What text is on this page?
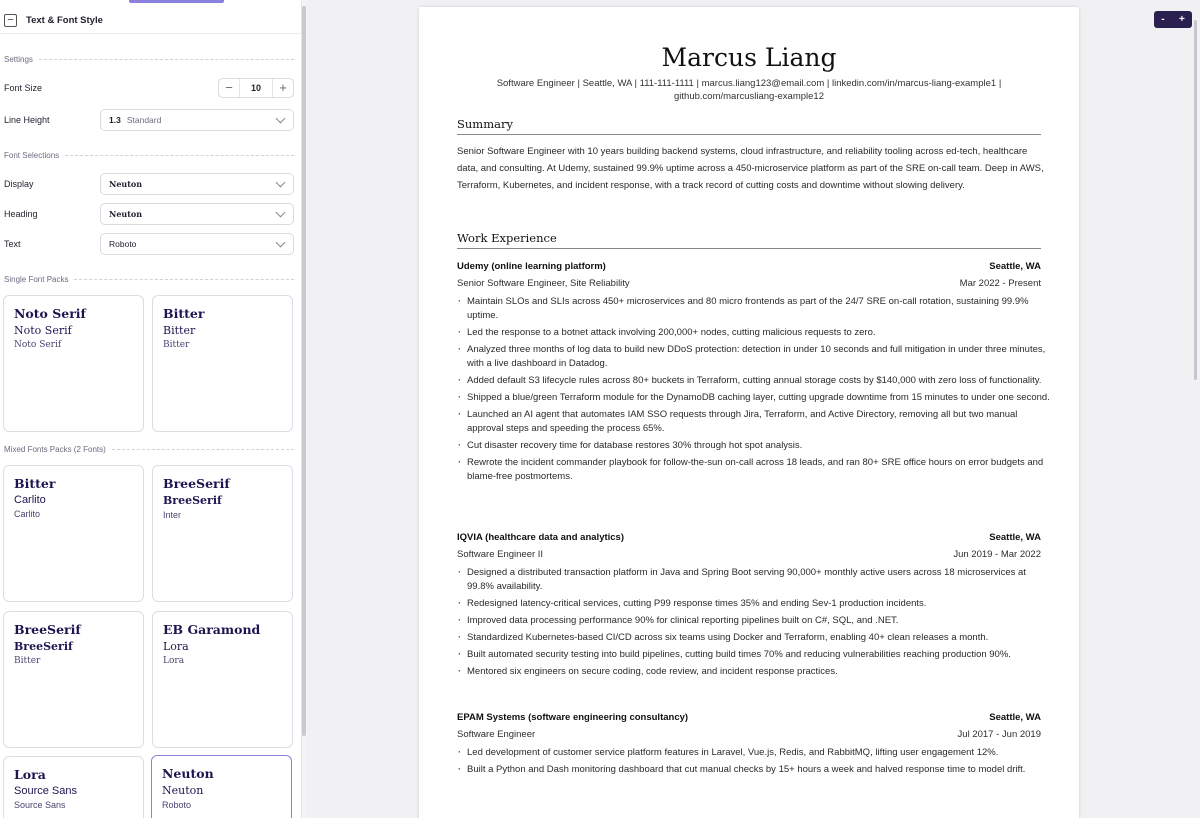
−	Text & Font Style
Settings
Font Size	−	10	+
Line Height	1.3 Standard
Font Selections
Display	Neuton
Heading	Neuton
Text	Roboto
Single Font Packs
Noto Serif
Noto Serif
Noto Serif
Bitter
Bitter
Bitter
Mixed Fonts Packs (2 Fonts)
Bitter
Carlito
Carlito
BreeSerif
BreeSerif
Inter
BreeSerif
BreeSerif
Bitter
EB Garamond
Lora
Lora
Lora
Source Sans
Source Sans
Neuton
Neuton
Roboto
- +
Marcus Liang
Software Engineer | Seattle, WA | 111-111-1111 | marcus.liang123@email.com | linkedin.com/in/marcus-liang-example1 |
github.com/marcusliang-example12
Summary
Senior Software Engineer with 10 years building backend systems, cloud infrastructure, and reliability tooling across ed-tech, healthcare data, and consulting. At Udemy, sustained 99.9% uptime across a 450-microservice platform as part of the SRE on-call team. Deep in AWS, Terraform, Kubernetes, and incident response, with a track record of cutting costs and downtime without slowing delivery.
Work Experience
Udemy (online learning platform)	Seattle, WA
Senior Software Engineer, Site Reliability	Mar 2022 - Present
· Maintain SLOs and SLIs across 450+ microservices and 80 micro frontends as part of the 24/7 SRE on-call rotation, sustaining 99.9% uptime.
· Led the response to a botnet attack involving 200,000+ nodes, cutting malicious requests to zero.
· Analyzed three months of log data to build new DDoS protection: detection in under 10 seconds and full mitigation in under three minutes, with a live dashboard in Datadog.
· Added default S3 lifecycle rules across 80+ buckets in Terraform, cutting annual storage costs by $140,000 with zero loss of functionality.
· Shipped a blue/green Terraform module for the DynamoDB caching layer, cutting upgrade downtime from 15 minutes to under one second.
· Launched an AI agent that automates IAM SSO requests through Jira, Terraform, and Active Directory, removing all but two manual approval steps and speeding the process 65%.
· Cut disaster recovery time for database restores 30% through hot spot analysis.
· Rewrote the incident commander playbook for follow-the-sun on-call across 18 leads, and ran 80+ SRE office hours on error budgets and blame-free postmortems.
IQVIA (healthcare data and analytics)	Seattle, WA
Software Engineer II	Jun 2019 - Mar 2022
· Designed a distributed transaction platform in Java and Spring Boot serving 90,000+ monthly active users across 18 microservices at 99.8% availability.
· Redesigned latency-critical services, cutting P99 response times 35% and ending Sev-1 production incidents.
· Improved data processing performance 90% for clinical reporting pipelines built on C#, SQL, and .NET.
· Standardized Kubernetes-based CI/CD across six teams using Docker and Terraform, enabling 40+ clean releases a month.
· Built automated security testing into build pipelines, cutting build times 70% and reducing vulnerabilities reaching production 90%.
· Mentored six engineers on secure coding, code review, and incident response practices.
EPAM Systems (software engineering consultancy)	Seattle, WA
Software Engineer	Jul 2017 - Jun 2019
· Led development of customer service platform features in Laravel, Vue.js, Redis, and RabbitMQ, lifting user engagement 12%.
· Built a Python and Dash monitoring dashboard that cut manual checks by 15+ hours a week and halved response time to model drift.
